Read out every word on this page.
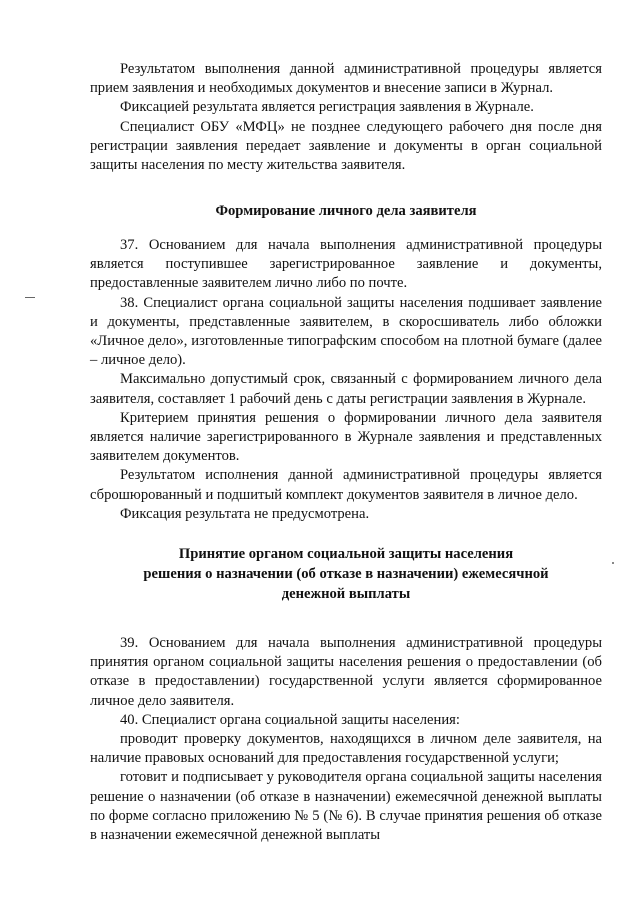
Результатом выполнения данной административной процедуры является прием заявления и необходимых документов и внесение записи в Журнал.

Фиксацией результата является регистрация заявления в Журнале.

Специалист ОБУ «МФЦ» не позднее следующего рабочего дня после дня регистрации заявления передает заявление и документы в орган социальной защиты населения по месту жительства заявителя.

Формирование личного дела заявителя

37. Основанием для начала выполнения административной процедуры является поступившее зарегистрированное заявление и документы, предоставленные заявителем лично либо по почте.

38. Специалист органа социальной защиты населения подшивает заявление и документы, представленные заявителем, в скоросшиватель либо обложки «Личное дело», изготовленные типографским способом на плотной бумаге (далее – личное дело).

Максимально допустимый срок, связанный с формированием личного дела заявителя, составляет 1 рабочий день с даты регистрации заявления в Журнале.

Критерием принятия решения о формировании личного дела заявителя является наличие зарегистрированного в Журнале заявления и представленных заявителем документов.

Результатом исполнения данной административной процедуры является сброшюрованный и подшитый комплект документов заявителя в личное дело.

Фиксация результата не предусмотрена.

Принятие органом социальной защиты населения
решения о назначении (об отказе в назначении) ежемесячной
денежной выплаты

39. Основанием для начала выполнения административной процедуры принятия органом социальной защиты населения решения о предоставлении (об отказе в предоставлении) государственной услуги является сформированное личное дело заявителя.

40. Специалист органа социальной защиты населения:

проводит проверку документов, находящихся в личном деле заявителя, на наличие правовых оснований для предоставления государственной услуги;

готовит и подписывает у руководителя органа социальной защиты населения решение о назначении (об отказе в назначении) ежемесячной денежной выплаты по форме согласно приложению № 5 (№ 6). В случае принятия решения об отказе в назначении ежемесячной денежной выплаты
